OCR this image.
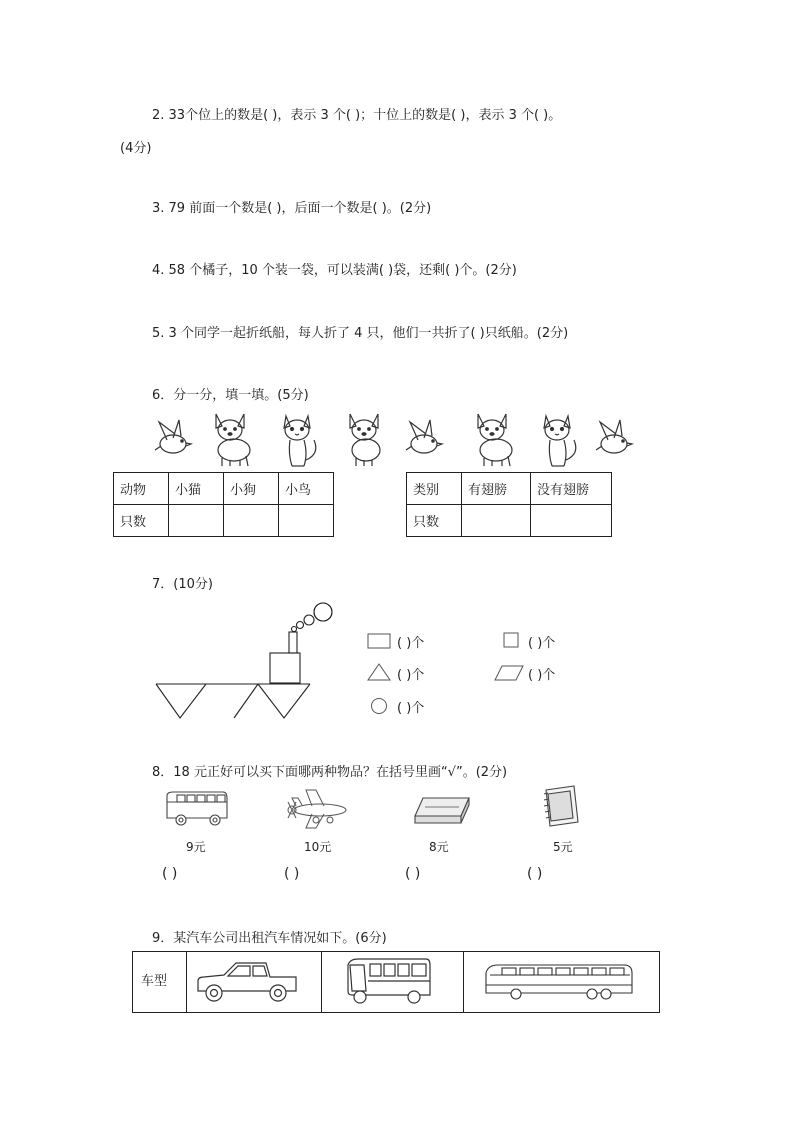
2. 33个位上的数是( )，表示 3 个( )；十位上的数是( )，表示 3 个( )。
(4分)
3. 79 前面一个数是( )，后面一个数是( )。(2分)
4. 58 个橘子，10 个装一袋，可以装满( )袋，还剩( )个。(2分)
5. 3 个同学一起折纸船，每人折了 4 只，他们一共折了( )只纸船。(2分)
6．分一分，填一填。(5分)
动物	小猫	小狗	小鸟
只数			
类别	有翅膀	没有翅膀
只数		
7．(10分)
( )个	( )个
( )个	( )个
( )个
8．18 元正好可以买下面哪两种物品？在括号里画“√”。(2分)
9元	10元	8元	5元
( )	( )	( )	( )
9．某汽车公司出租汽车情况如下。(6分)
车型
